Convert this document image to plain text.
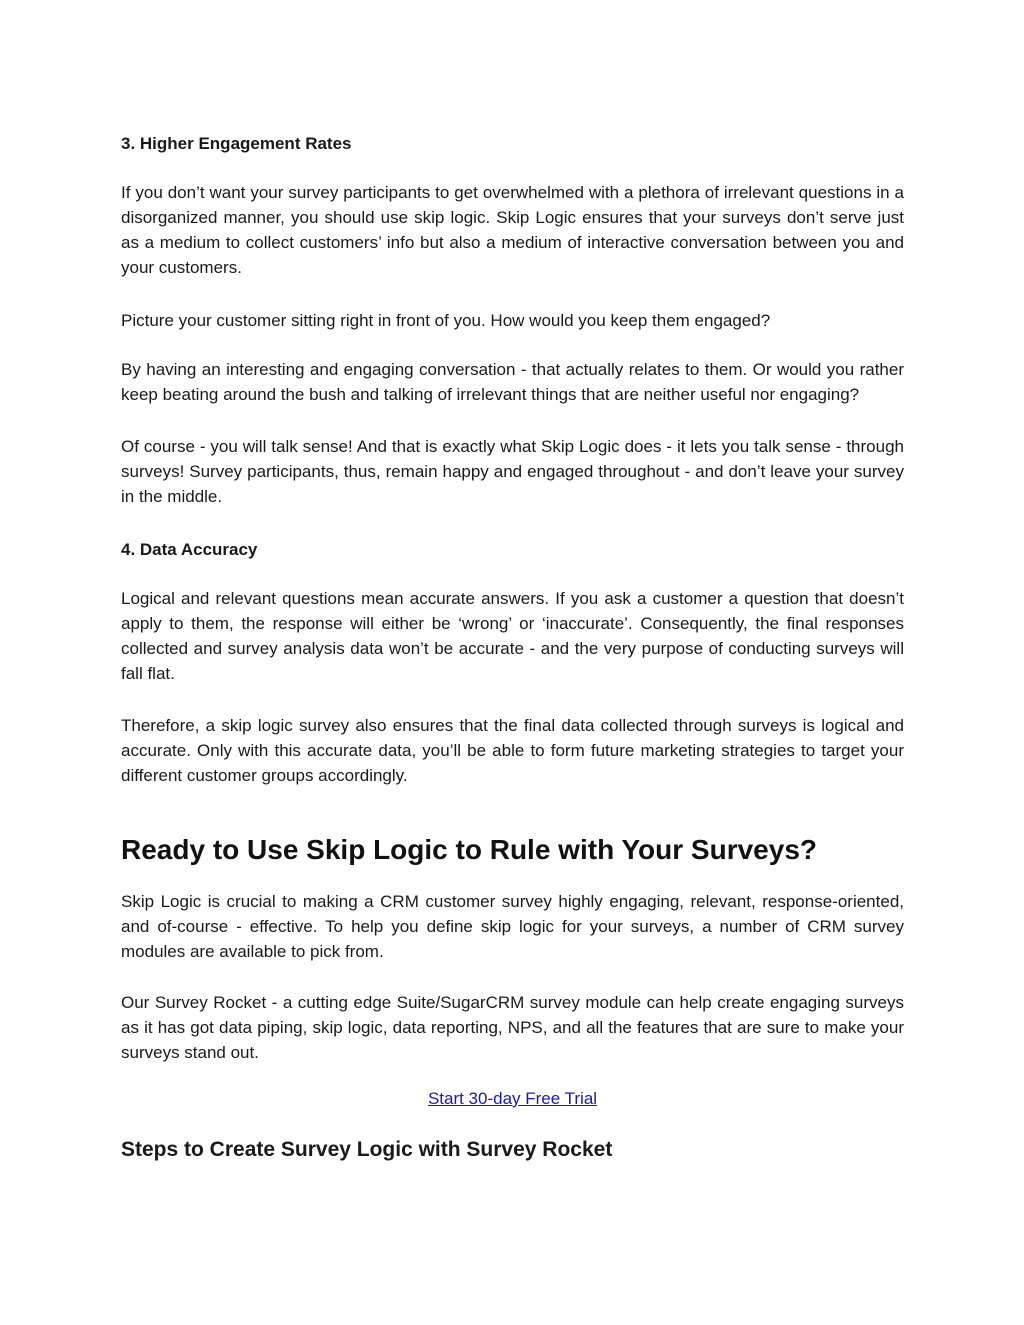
3. Higher Engagement Rates

If you don’t want your survey participants to get overwhelmed with a plethora of irrelevant questions in a disorganized manner, you should use skip logic. Skip Logic ensures that your surveys don’t serve just as a medium to collect customers’ info but also a medium of interactive conversation between you and your customers.

Picture your customer sitting right in front of you. How would you keep them engaged?

By having an interesting and engaging conversation - that actually relates to them. Or would you rather keep beating around the bush and talking of irrelevant things that are neither useful nor engaging?

Of course - you will talk sense! And that is exactly what Skip Logic does - it lets you talk sense - through surveys! Survey participants, thus, remain happy and engaged throughout - and don’t leave your survey in the middle.

4. Data Accuracy

Logical and relevant questions mean accurate answers. If you ask a customer a question that doesn’t apply to them, the response will either be ‘wrong’ or ‘inaccurate’. Consequently, the final responses collected and survey analysis data won’t be accurate - and the very purpose of conducting surveys will fall flat.

Therefore, a skip logic survey also ensures that the final data collected through surveys is logical and accurate. Only with this accurate data, you’ll be able to form future marketing strategies to target your different customer groups accordingly.

Ready to Use Skip Logic to Rule with Your Surveys?

Skip Logic is crucial to making a CRM customer survey highly engaging, relevant, response-oriented, and of-course - effective. To help you define skip logic for your surveys, a number of CRM survey modules are available to pick from.

Our Survey Rocket - a cutting edge Suite/SugarCRM survey module can help create engaging surveys as it has got data piping, skip logic, data reporting, NPS, and all the features that are sure to make your surveys stand out.

Start 30-day Free Trial
Steps to Create Survey Logic with Survey Rocket
